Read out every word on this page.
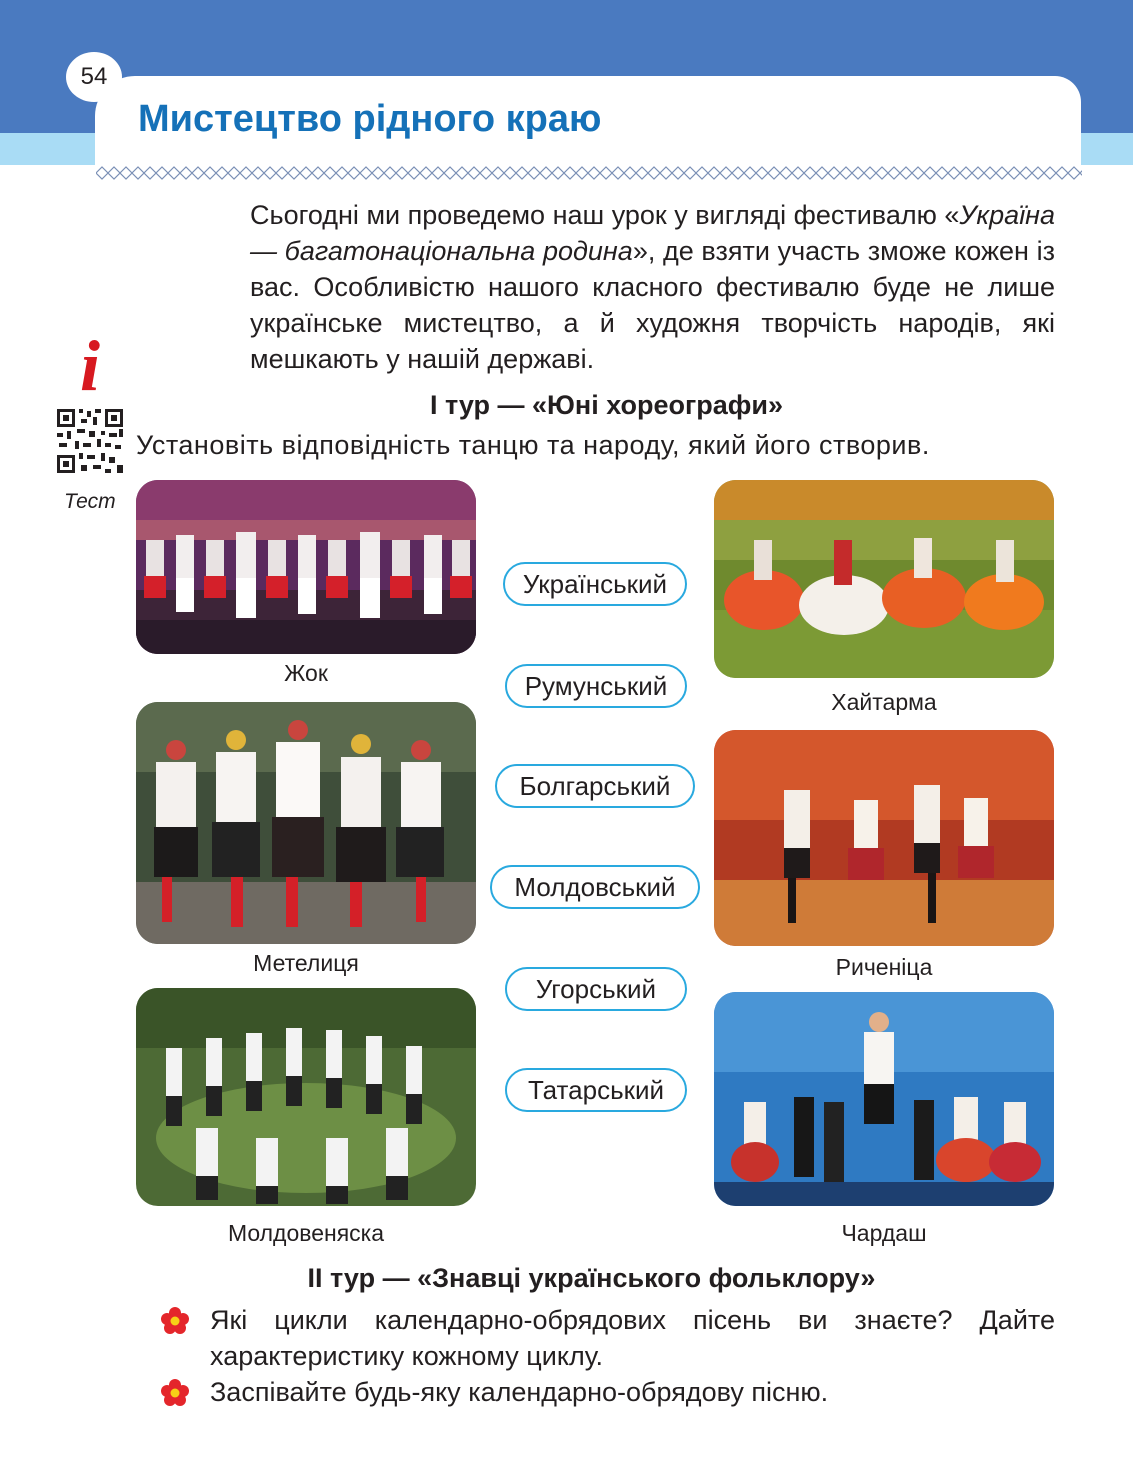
54
Мистецтво рідного краю

Сьогодні ми проведемо наш урок у вигляді фестивалю «Україна — багатонаціональна родина», де взяти участь зможе кожен із вас. Особливістю нашого класного фестивалю буде не лише українське мистецтво, а й художня творчість народів, які мешкають у нашій державі.

i
Тест
І тур — «Юні хореографи»
Установіть відповідність танцю та народу, який його створив.
Жок
Метелиця
Молдовеняска
Хайтарма
Риченіца
Чардаш
Український
Румунський
Болгарський
Молдовський
Угорський
Татарський
ІІ тур — «Знавці українського фольклору»
Які цикли календарно-обрядових пісень ви знаєте? Дайте характеристику кожному циклу.
Заспівайте будь-яку календарно-обрядову пісню.
